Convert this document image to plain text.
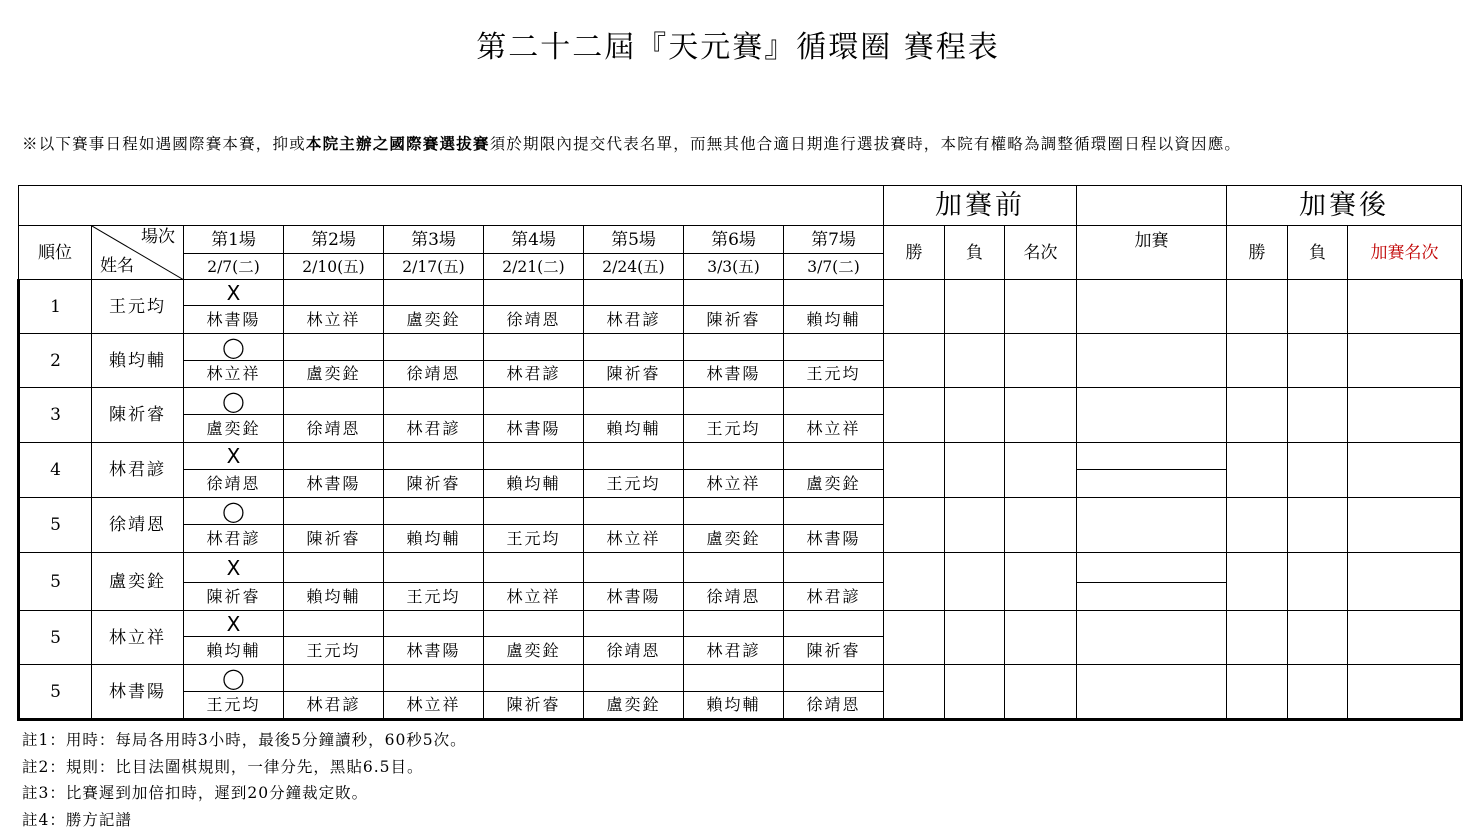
第二十二屆『天元賽』循環圈 賽程表
※以下賽事日程如遇國際賽本賽，抑或本院主辦之國際賽選拔賽須於期限內提交代表名單，而無其他合適日期進行選拔賽時，本院有權略為調整循環圈日程以資因應。
									加賽前				加賽後		
順位	場次
姓名	第1場	第2場	第3場	第4場	第5場	第6場	第7場	勝	負	名次	加賽	勝	負	加賽名次
		2/7(二)	2/10(五)	2/17(五)	2/21(二)	2/24(五)	3/3(五)	3/7(二)							
1	王元均	X													
		林書陽	林立祥	盧奕銓	徐靖恩	林君諺	陳祈睿	賴均輔							
2	賴均輔	◯													
		林立祥	盧奕銓	徐靖恩	林君諺	陳祈睿	林書陽	王元均							
3	陳祈睿	◯													
		盧奕銓	徐靖恩	林君諺	林書陽	賴均輔	王元均	林立祥							
4	林君諺	X													
		徐靖恩	林書陽	陳祈睿	賴均輔	王元均	林立祥	盧奕銓							
5	徐靖恩	◯													
		林君諺	陳祈睿	賴均輔	王元均	林立祥	盧奕銓	林書陽							
5	盧奕銓	X													
		陳祈睿	賴均輔	王元均	林立祥	林書陽	徐靖恩	林君諺							
5	林立祥	X													
		賴均輔	王元均	林書陽	盧奕銓	徐靖恩	林君諺	陳祈睿							
5	林書陽	◯													
		王元均	林君諺	林立祥	陳祈睿	盧奕銓	賴均輔	徐靖恩							
註1：用時：每局各用時3小時，最後5分鐘讀秒，60秒5次。
註2：規則：比目法圍棋規則，一律分先，黑貼6.5目。
註3：比賽遲到加倍扣時，遲到20分鐘裁定敗。
註4：勝方記譜
